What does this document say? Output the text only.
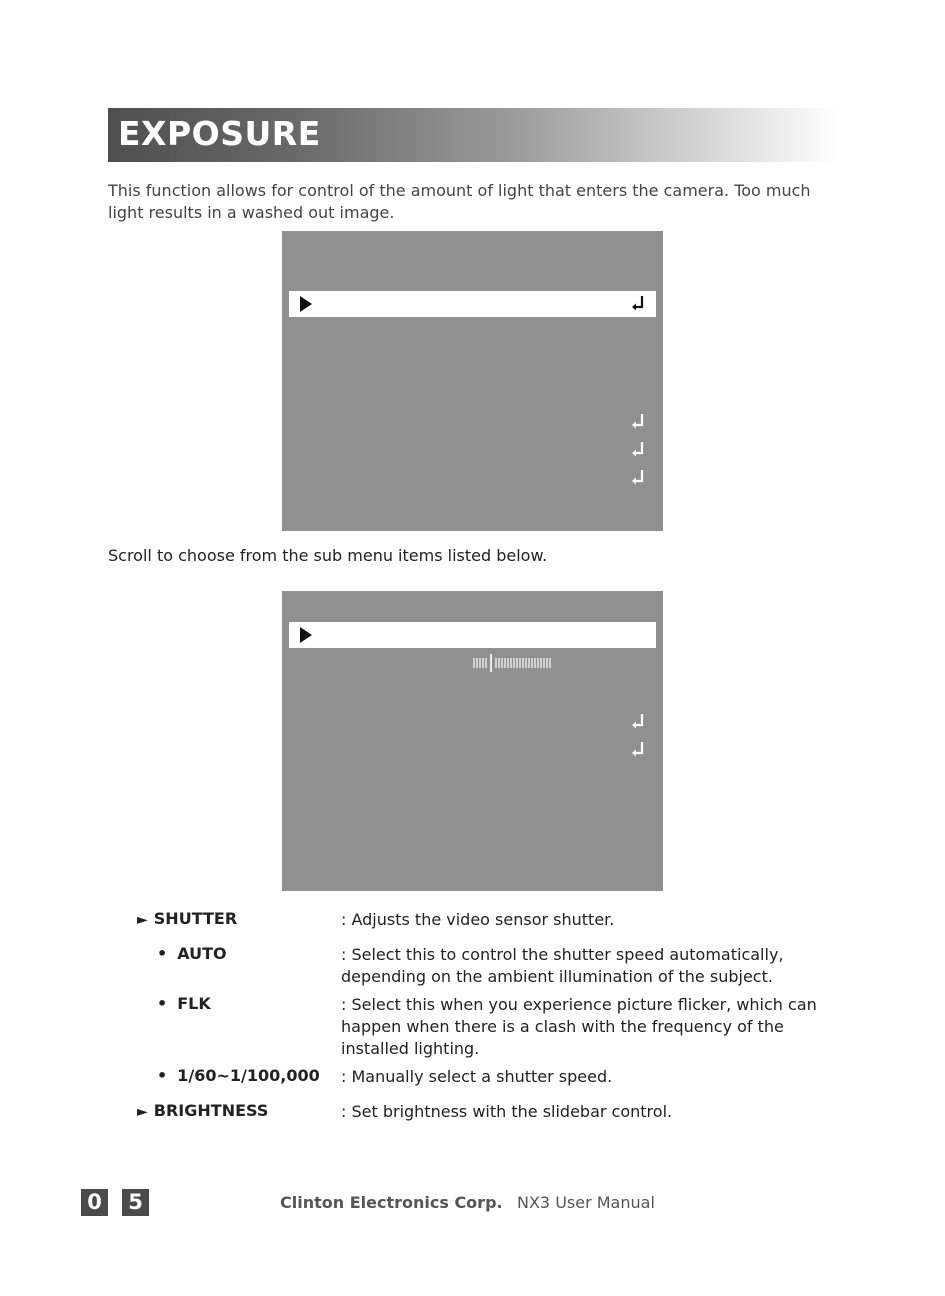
EXPOSURE

This function allows for control of the amount of light that enters the camera. Too much light results in a washed out image.

Scroll to choose from the sub menu items listed below.
► SHUTTER	: Adjusts the video sensor shutter.
• AUTO	: Select this to control the shutter speed automatically, depending on the ambient illumination of the subject.
• FLK	: Select this when you experience picture flicker, which can happen when there is a clash with the frequency of the installed lighting.
• 1/60~1/100,000 : Manually select a shutter speed.
► BRIGHTNESS	: Set brightness with the slidebar control.
0 5	Clinton Electronics Corp. NX3 User Manual
